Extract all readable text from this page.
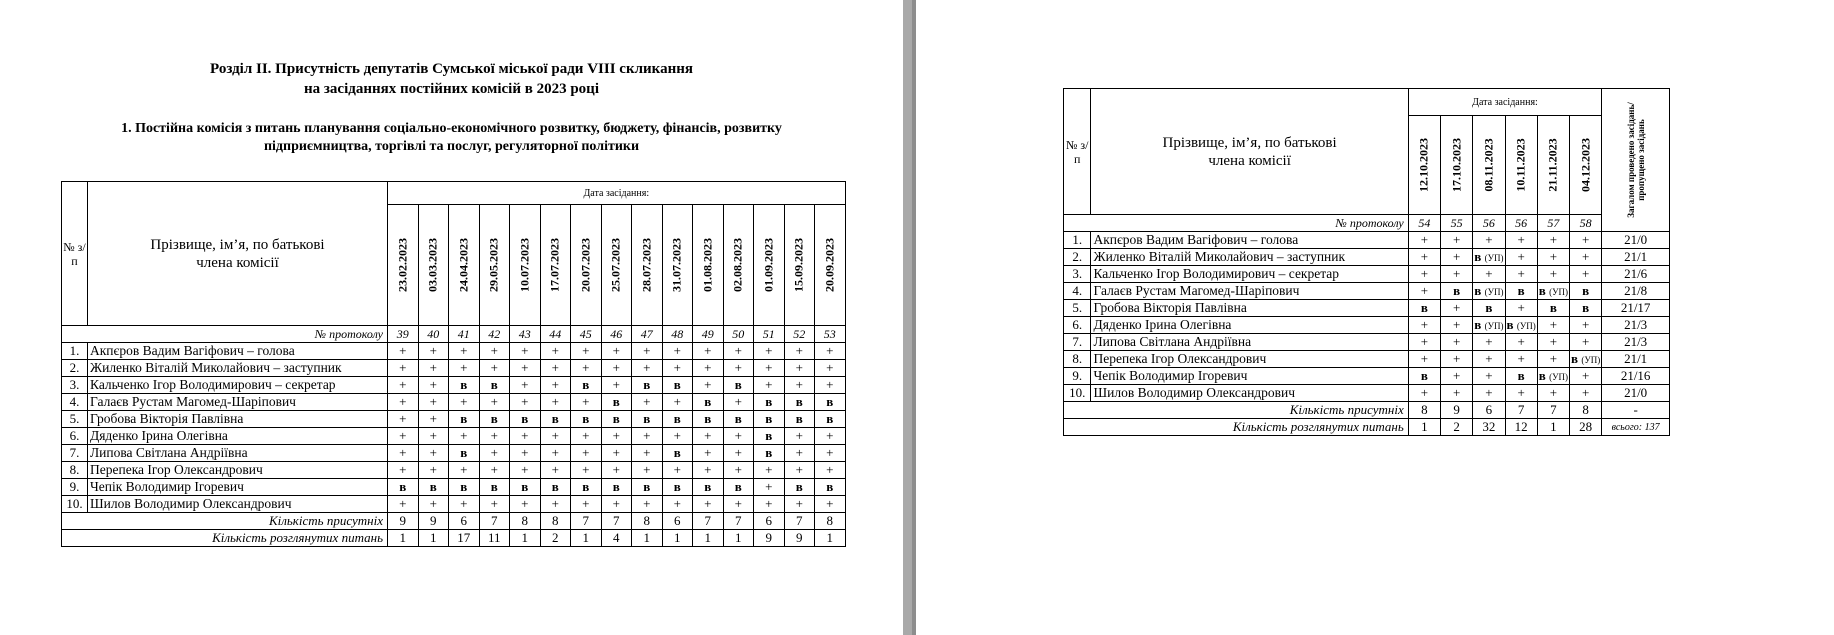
Розділ ІІ. Присутність депутатів Сумської міської ради VIIІ скликання
на засіданнях постійних комісій в 2023 році
1. Постійна комісія з питань планування соціально-економічного розвитку, бюджету, фінансів, розвитку
підприємництва, торгівлі та послуг, регуляторної політики
№ з/п	Прізвище, ім’я, по батькові
члена комісії	Дата засідання:														

		23.02.2023	03.03.2023	24.04.2023	29.05.2023	10.07.2023	17.07.2023	20.07.2023	25.07.2023	28.07.2023	31.07.2023	01.08.2023	02.08.2023	01.09.2023	15.09.2023	20.09.2023

№ протоколу		39	40	41	42	43	44	45	46	47	48	49	50	51	52	53
1.	Акпєров Вадим Вагіфович – голова	+	+	+	+	+	+	+	+	+	+	+	+	+	+	+
2.	Жиленко Віталій Миколайович – заступник	+	+	+	+	+	+	+	+	+	+	+	+	+	+	+
3.	Кальченко Ігор Володимирович – секретар	+	+	в	в	+	+	в	+	в	в	+	в	+	+	+
4.	Галаєв Рустам Магомед-Шаріпович	+	+	+	+	+	+	+	в	+	+	в	+	в	в	в
5.	Гробова Вікторія Павлівна	+	+	в	в	в	в	в	в	в	в	в	в	в	в	в
6.	Дяденко Ірина Олегівна	+	+	+	+	+	+	+	+	+	+	+	+	в	+	+
7.	Липова Світлана Андріївна	+	+	в	+	+	+	+	+	+	в	+	+	в	+	+
8.	Перепека Ігор Олександрович	+	+	+	+	+	+	+	+	+	+	+	+	+	+	+
9.	Чепік Володимир Ігоревич	в	в	в	в	в	в	в	в	в	в	в	в	+	в	в
10.	Шилов Володимир Олександрович	+	+	+	+	+	+	+	+	+	+	+	+	+	+	+
Кількість присутніх		9	9	6	7	8	8	7	7	8	6	7	7	6	7	8
Кількість розглянутих питань		1	1	17	11	1	2	1	4	1	1	1	1	9	9	1
№ з/п	Прізвище, ім’я, по батькові
члена комісії	Дата засідання:						Загалом проведено засідань/пропущено засідань

		12.10.2023	17.10.2023	08.11.2023	10.11.2023	21.11.2023	04.12.2023	

№ протоколу		54	55	56	56	57	58	
1.	Акпєров Вадим Вагіфович – голова	+	+	+	+	+	+	21/0
2.	Жиленко Віталій Миколайович – заступник	+	+	в (УП)	+	+	+	21/1
3.	Кальченко Ігор Володимирович – секретар	+	+	+	+	+	+	21/6
4.	Галаєв Рустам Магомед-Шаріпович	+	в	в (УП)	в	в (УП)	в	21/8
5.	Гробова Вікторія Павлівна	в	+	в	+	в	в	21/17
6.	Дяденко Ірина Олегівна	+	+	в (УП)	в (УП)	+	+	21/3
7.	Липова Світлана Андріївна	+	+	+	+	+	+	21/3
8.	Перепека Ігор Олександрович	+	+	+	+	+	в (УП)	21/1
9.	Чепік Володимир Ігоревич	в	+	+	в	в (УП)	+	21/16
10.	Шилов Володимир Олександрович	+	+	+	+	+	+	21/0
Кількість присутніх		8	9	6	7	7	8	-
Кількість розглянутих питань		1	2	32	12	1	28	всього: 137
